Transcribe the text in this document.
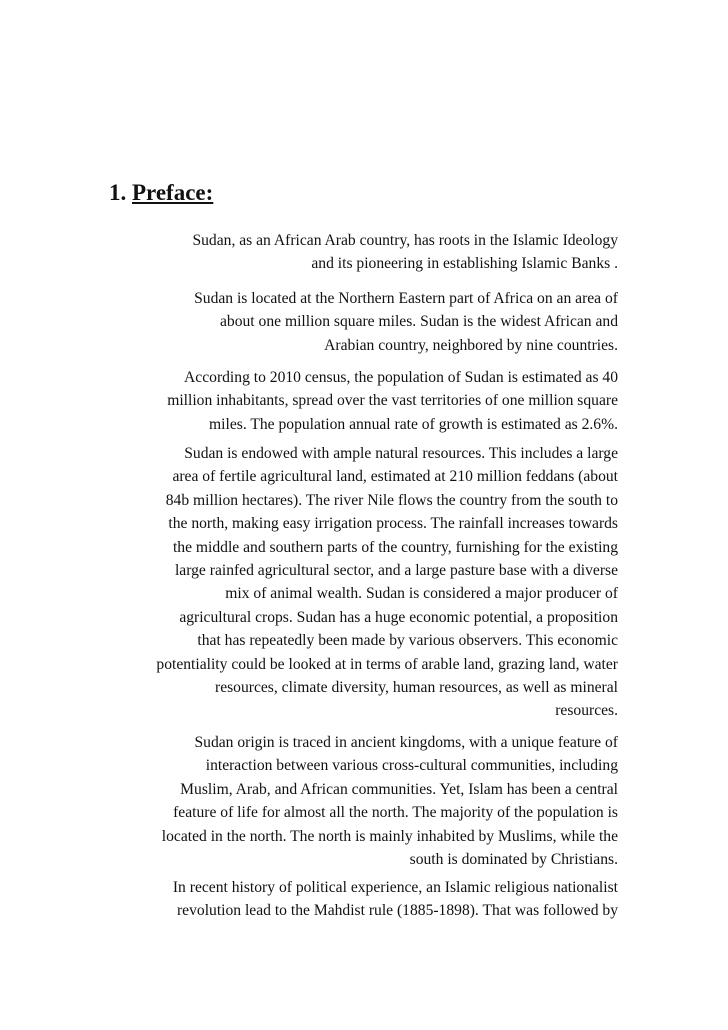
1. Preface:

Sudan, as an African Arab country, has roots in the Islamic Ideology
and its pioneering in establishing Islamic Banks .

Sudan is located at the Northern Eastern part of Africa on an area of
about one million square miles. Sudan is the widest African and
Arabian country, neighbored by nine countries.

According to 2010 census, the population of Sudan is estimated as 40
million inhabitants, spread over the vast territories of one million square
miles. The population annual rate of growth is estimated as 2.6%.

Sudan is endowed with ample natural resources. This includes a large
area of fertile agricultural land, estimated at 210 million feddans (about
84b million hectares). The river Nile flows the country from the south to
the north, making easy irrigation process. The rainfall increases towards
the middle and southern parts of the country, furnishing for the existing
large rainfed agricultural sector, and a large pasture base with a diverse
mix of animal wealth. Sudan is considered a major producer of
agricultural crops. Sudan has a huge economic potential, a proposition
that has repeatedly been made by various observers. This economic
potentiality could be looked at in terms of arable land, grazing land, water
resources, climate diversity, human resources, as well as mineral
resources.

Sudan origin is traced in ancient kingdoms, with a unique feature of
interaction between various cross-cultural communities, including
Muslim, Arab, and African communities. Yet, Islam has been a central
feature of life for almost all the north. The majority of the population is
located in the north. The north is mainly inhabited by Muslims, while the
south is dominated by Christians.

In recent history of political experience, an Islamic religious nationalist
revolution lead to the Mahdist rule (1885-1898). That was followed by
